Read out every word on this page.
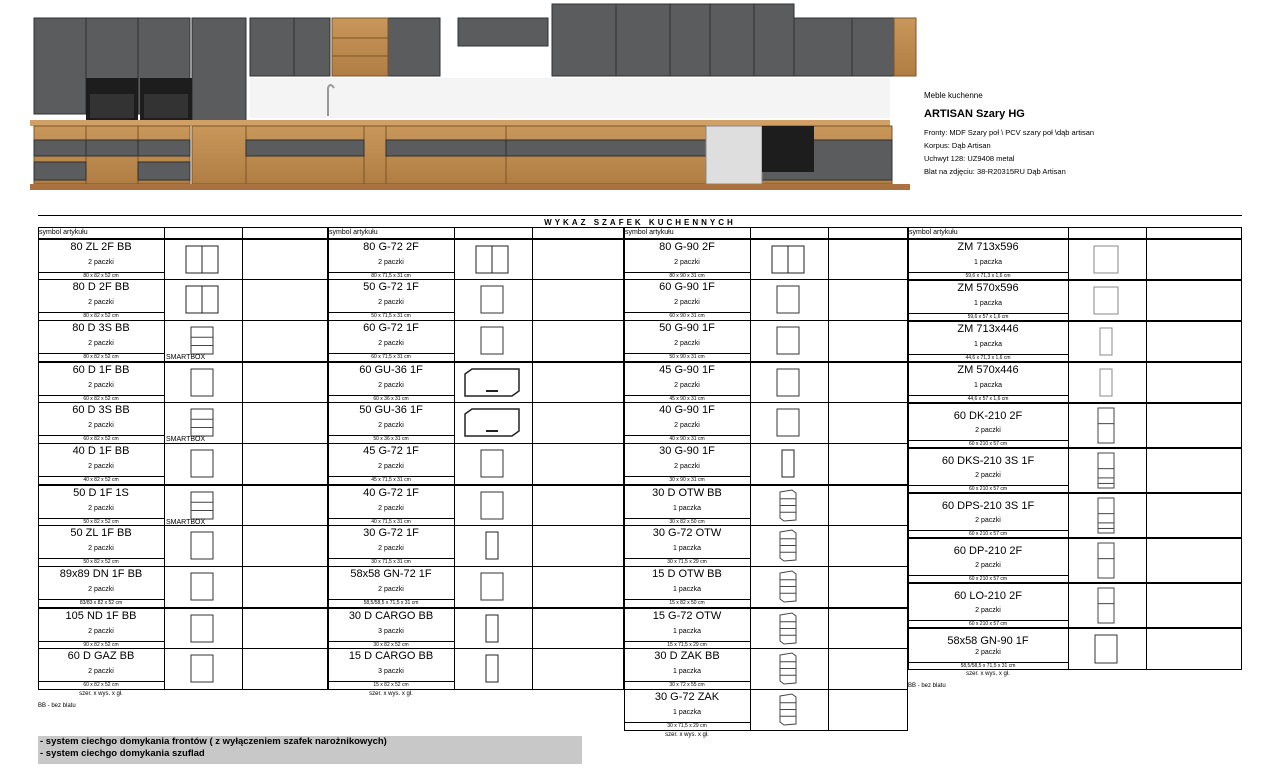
Meble kuchenne
ARTISAN Szary HG
Fronty: MDF Szary poł \ PCV szary poł \dąb artisan
Korpus: Dąb Artisan
Uchwyt 128: UZ9408 metal
Blat na zdjęciu: 38-R20315RU Dąb Artisan
WYKAZ SZAFEK KUCHENNYCH
symbol artykułu
80 ZL 2F BB
2 paczki
80 x 82 x 52 cm
80 D 2F BB
2 paczki
80 x 82 x 52 cm
80 D 3S BB
2 paczki
80 x 82 x 52 cm	SMARTBOX
60 D 1F BB
2 paczki
60 x 82 x 52 cm
60 D 3S BB
2 paczki
60 x 82 x 52 cm	SMARTBOX
40 D 1F BB
2 paczki
40 x 82 x 52 cm
50 D 1F 1S
2 paczki
50 x 82 x 52 cm	SMARTBOX
50 ZL 1F BB
2 paczki
50 x 82 x 52 cm
89x89 DN 1F BB
2 paczki
83/83 x 82 x 52 cm
105 ND 1F BB
2 paczki
90 x 82 x 52 cm
60 D GAZ BB
2 paczki
60 x 82 x 52 cm
szer. x wys. x gł.
BB - bez blatu
symbol artykułu
80 G-72 2F
2 paczki
80 x 71,5 x 31 cm
50 G-72 1F
2 paczki
50 x 71,5 x 31 cm
60 G-72 1F
2 paczki
60 x 71,5 x 31 cm
60 GU-36 1F
2 paczki
60 x 36 x 31 cm
50 GU-36 1F
2 paczki
50 x 36 x 31 cm
45 G-72 1F
2 paczki
45 x 71,5 x 31 cm
40 G-72 1F
2 paczki
40 x 71,5 x 31 cm
30 G-72 1F
2 paczki
30 x 71,5 x 31 cm
58x58 GN-72 1F
2 paczki
58,5/58,5 x 71,5 x 31 cm
30 D CARGO BB
3 paczki
30 x 82 x 52 cm
15 D CARGO BB
3 paczki
15 x 82 x 52 cm
szer. x wys. x gł.
symbol artykułu
80 G-90 2F
2 paczki
80 x 90 x 31 cm
60 G-90 1F
2 paczki
60 x 90 x 31 cm
50 G-90 1F
2 paczki
50 x 90 x 31 cm
45 G-90 1F
2 paczki
45 x 90 x 31 cm
40 G-90 1F
2 paczki
40 x 90 x 31 cm
30 G-90 1F
2 paczki
30 x 90 x 31 cm
30 D OTW BB
1 paczka
30 x 82 x 50 cm
30 G-72 OTW
1 paczka
30 x 71,5 x 29 cm
15 D OTW BB
1 paczka
15 x 82 x 50 cm
15 G-72 OTW
1 paczka
15 x 71,5 x 29 cm
30 D ZAK BB
1 paczka
30 x 72 x 55 cm
30 G-72 ZAK
1 paczka
30 x 71,5 x 29 cm
szer. x wys. x gł.
symbol artykułu
ZM 713x596
1 paczka
59,6 x 71,3 x 1,6 cm
ZM 570x596
1 paczka
59,6 x 57 x 1,6 cm
ZM 713x446
1 paczka
44,6 x 71,3 x 1,6 cm
ZM 570x446
1 paczka
44,6 x 57 x 1,6 cm
60 DK-210 2F
2 paczki
60 x 210 x 57 cm
60 DKS-210 3S 1F
2 paczki
60 x 210 x 57 cm
60 DPS-210 3S 1F
2 paczki
60 x 210 x 57 cm
60 DP-210 2F
2 paczki
60 x 210 x 57 cm
60 LO-210 2F
2 paczki
60 x 210 x 57 cm
58x58 GN-90 1F
2 paczki
58,5/58,5 x 71,5 x 31 cm
szer. x wys. x gł.
BB - bez blatu
- system ciechgo domykania frontów ( z wyłączeniem szafek narożnikowych)
- system ciechgo domykania szuflad
